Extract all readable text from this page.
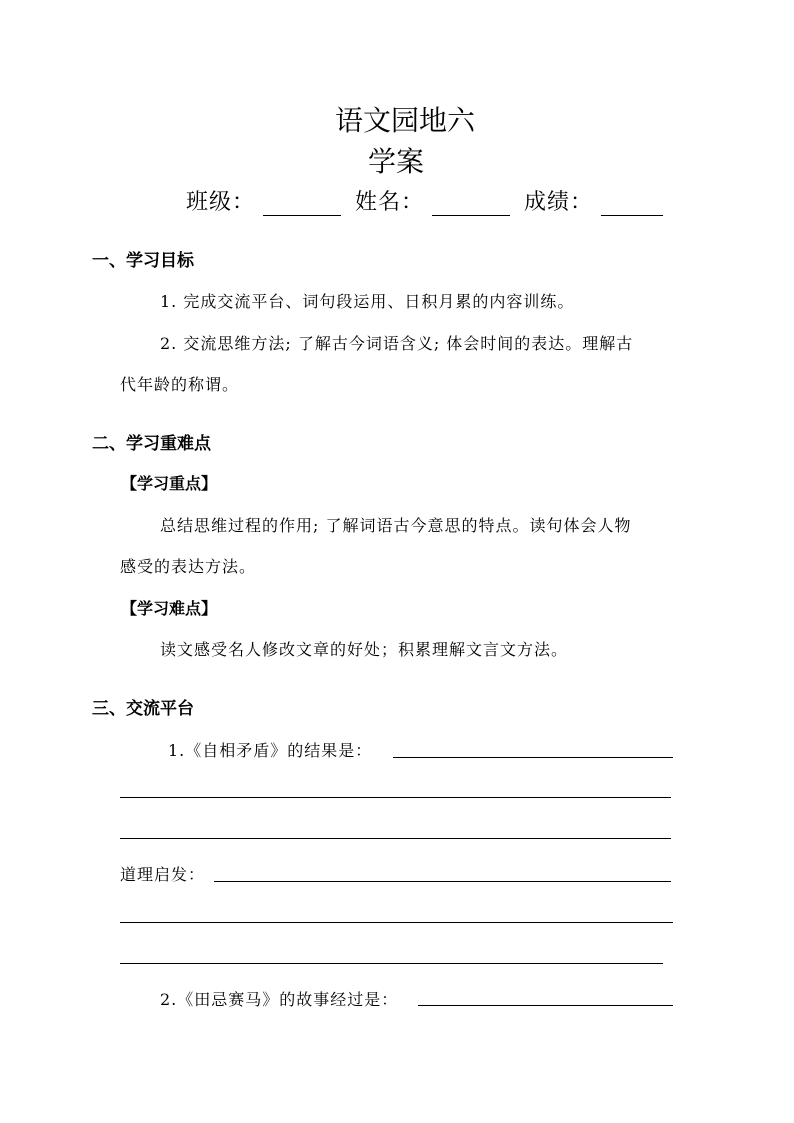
语文园地六
学案
班级：	姓名：	成绩：
一、学习目标
1. 完成交流平台、词句段运用、日积月累的内容训练。
2. 交流思维方法; 了解古今词语含义; 体会时间的表达。理解古
代年龄的称谓。
二、学习重难点
【学习重点】
总结思维过程的作用; 了解词语古今意思的特点。读句体会人物
感受的表达方法。
【学习难点】
读文感受名人修改文章的好处；积累理解文言文方法。
三、交流平台
1.《自相矛盾》的结果是：
道理启发：
2.《田忌赛马》的故事经过是：
